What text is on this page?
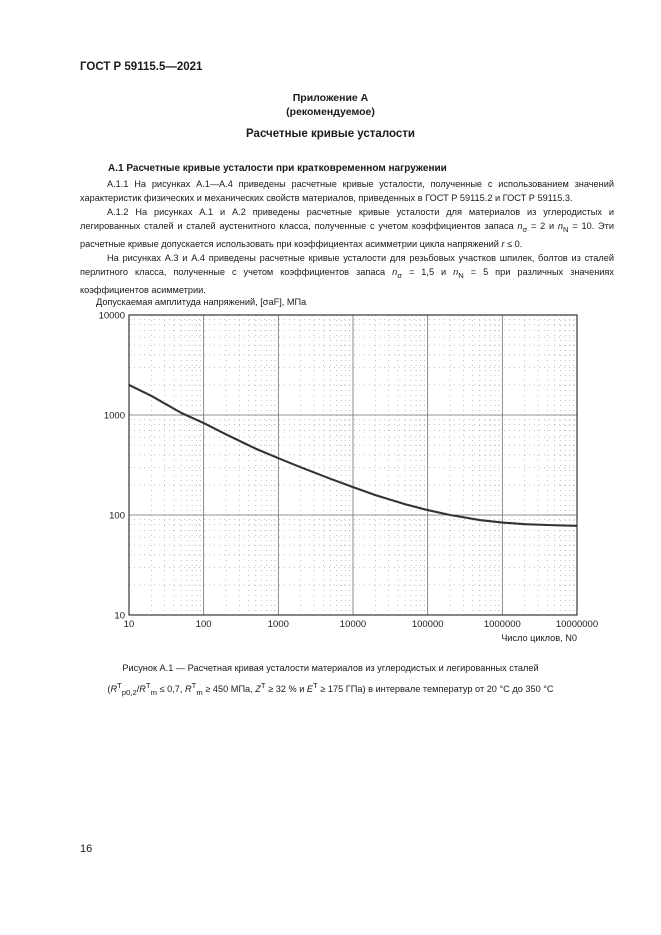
ГОСТ Р 59115.5—2021
Приложение А
(рекомендуемое)
Расчетные кривые усталости
А.1 Расчетные кривые усталости при кратковременном нагружении

А.1.1 На рисунках А.1—А.4 приведены расчетные кривые усталости, полученные с использованием значений характеристик физических и механических свойств материалов, приведенных в ГОСТ Р 59115.2 и ГОСТ Р 59115.3.

А.1.2 На рисунках А.1 и А.2 приведены расчетные кривые усталости для материалов из углеродистых и легированных сталей и сталей аустенитного класса, полученные с учетом коэффициентов запаса $n_\sigma = 2$ и $n_N = 10$. Эти расчетные кривые допускается использовать при коэффициентах асимметрии цикла напряжений r ≤ 0.

На рисунках А.3 и А.4 приведены расчетные кривые усталости для резьбовых участков шпилек, болтов из сталей перлитного класса, полученные с учетом коэффициентов запаса $n_\sigma = 1,5$ и $n_N = 5$ при различных значениях коэффициентов асимметрии.

10	100	1000	10000	100000	1000000	10000000
10000
1000
100
10
Допускаемая амплитуда напряжений, [σaF], МПа
Число циклов, N0
Рисунок А.1 — Расчетная кривая усталости материалов из углеродистых и легированных сталей
($R^T_{p0,2}/R^T_m \le 0,7$, $R^T_m \ge 450$ МПа, $Z^T \ge 32$ % и $E^T \ge 175$ ГПа) в интервале температур от 20 °С до 350 °С
16
